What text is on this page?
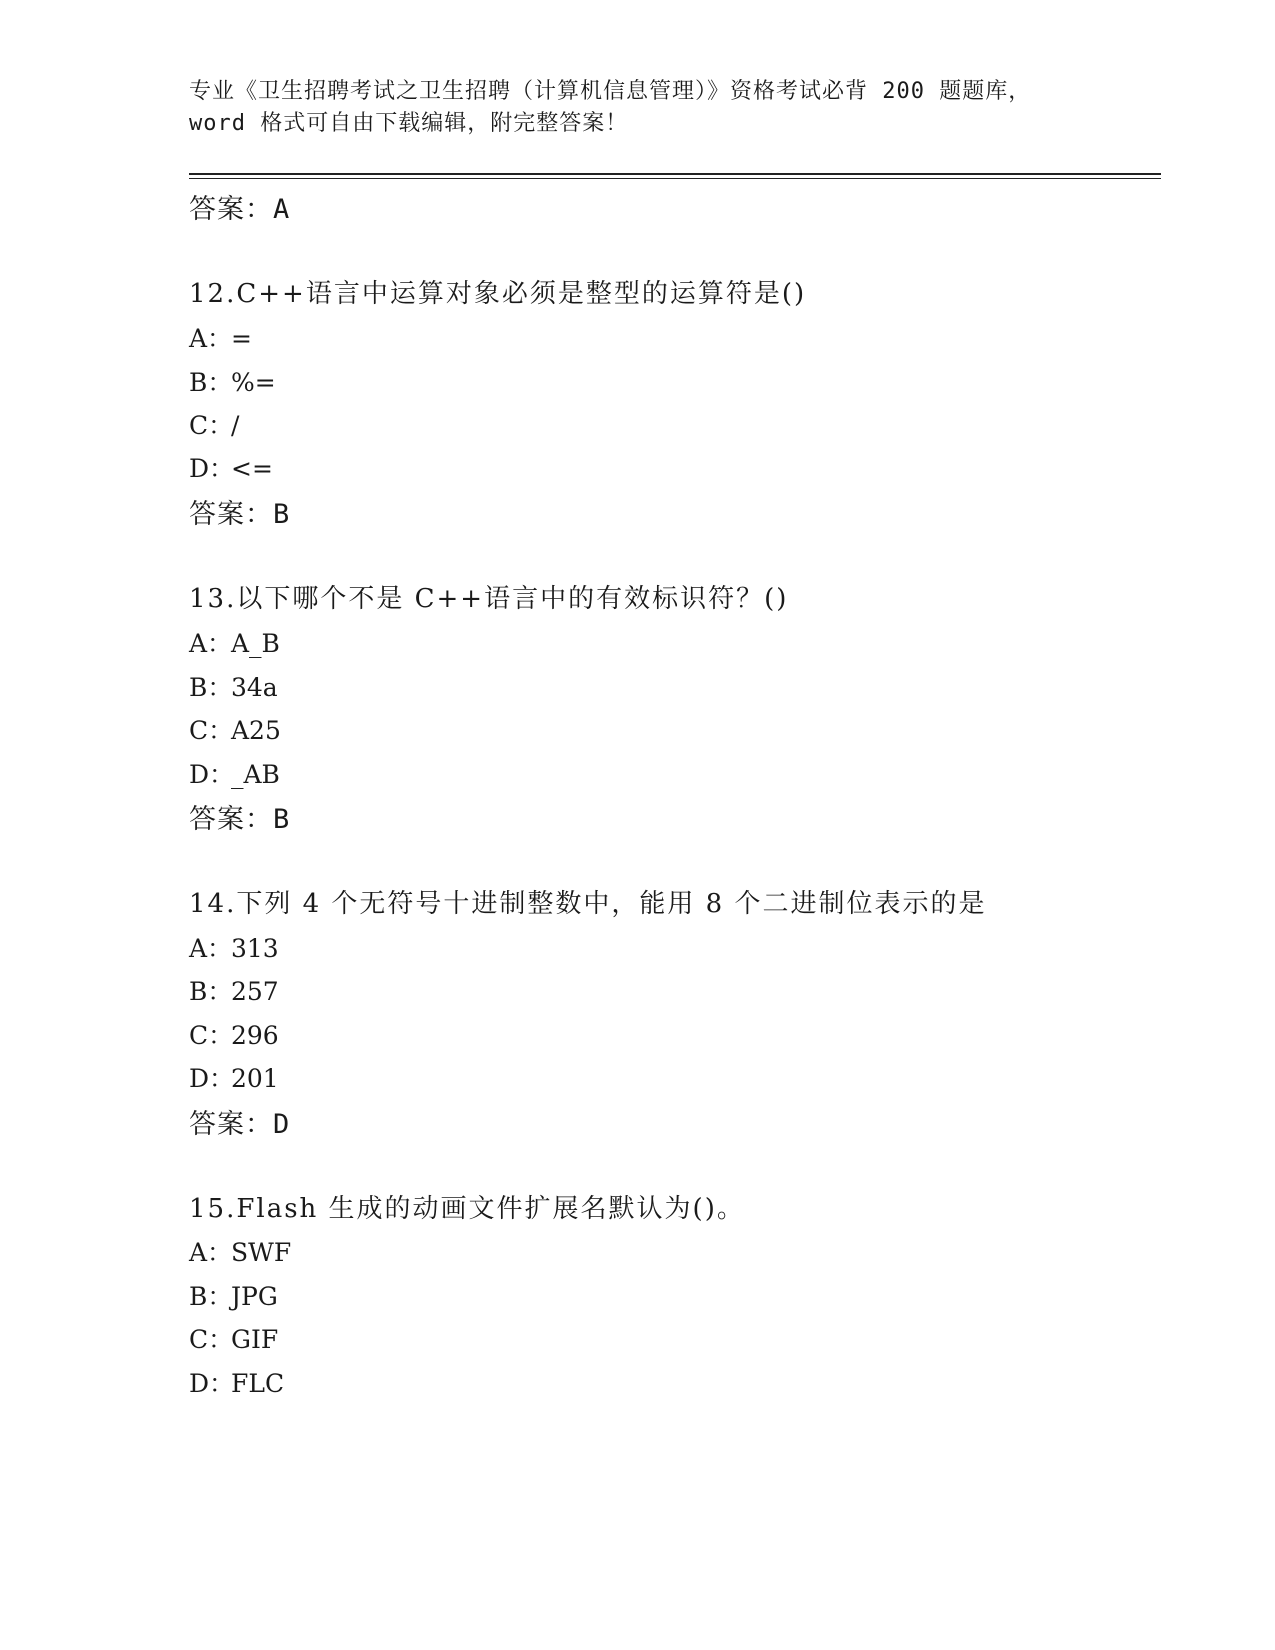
专业《卫生招聘考试之卫生招聘（计算机信息管理）》资格考试必背 200 题题库，
word 格式可自由下载编辑，附完整答案！
答案：A
12.C++语言中运算对象必须是整型的运算符是()
A：=
B：%=
C：/
D：<=
答案：B
13.以下哪个不是 C++语言中的有效标识符？()
A：A_B
B：34a
C：A25
D：_AB
答案：B
14.下列 4 个无符号十进制整数中，能用 8 个二进制位表示的是
A：313
B：257
C：296
D：201
答案：D
15.Flash 生成的动画文件扩展名默认为()。
A：SWF
B：JPG
C：GIF
D：FLC
